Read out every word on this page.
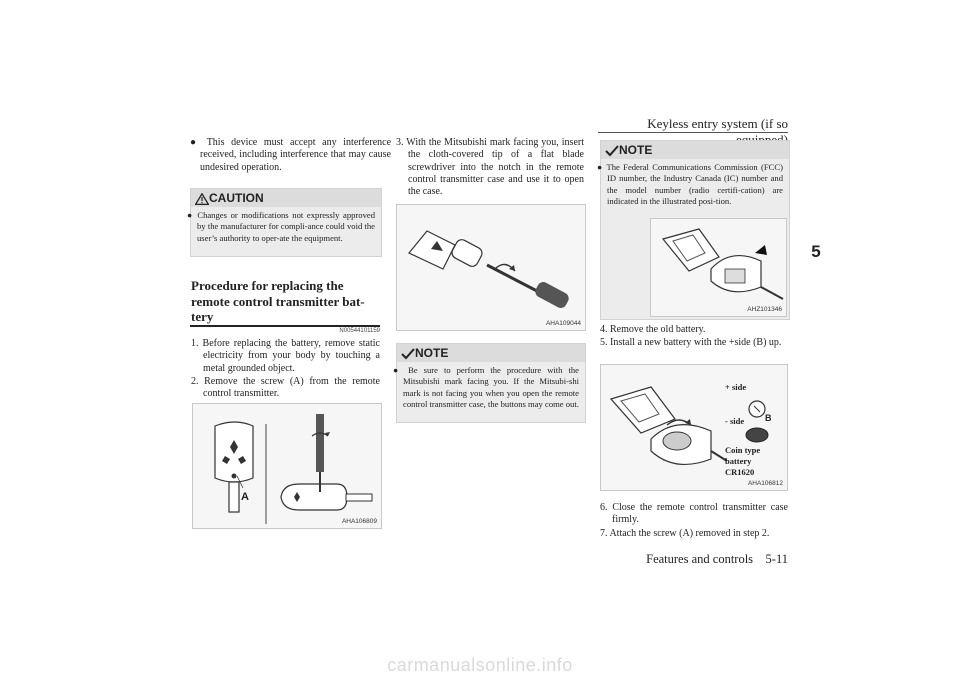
Keyless entry system (if so
5
● This device must accept any interference received, including interference that may cause undesired operation.
CAUTION
● Changes or modifications not expressly approved by the manufacturer for compli-ance could void the user’s authority to oper-ate the equipment.
Procedure for replacing the remote control transmitter bat-tery
N00544101159
1. Before replacing the battery, remove static electricity from your body by touching a metal grounded object.
2. Remove the screw (A) from the remote control transmitter.
A
AHA106809
3. With the Mitsubishi mark facing you, insert the cloth-covered tip of a flat blade screwdriver into the notch in the remote control transmitter case and use it to open the case.
AHA109044
NOTE
● Be sure to perform the procedure with the Mitsubishi mark facing you. If the Mitsubi-shi mark is not facing you when you open the remote control transmitter case, the buttons may come out.
NOTE
● The Federal Communications Commission (FCC) ID number, the Industry Canada (IC) number and the model number (radio certifi-cation) are indicated in the illustrated posi-tion.
AHZ101346
4. Remove the old battery.
5. Install a new battery with the +side (B) up.
+ side
- side B
Coin type
battery
CR1620
AHA106812
6. Close the remote control transmitter case firmly.
7. Attach the screw (A) removed in step 2.
Features and controls 5-11
carmanualsonline.info
